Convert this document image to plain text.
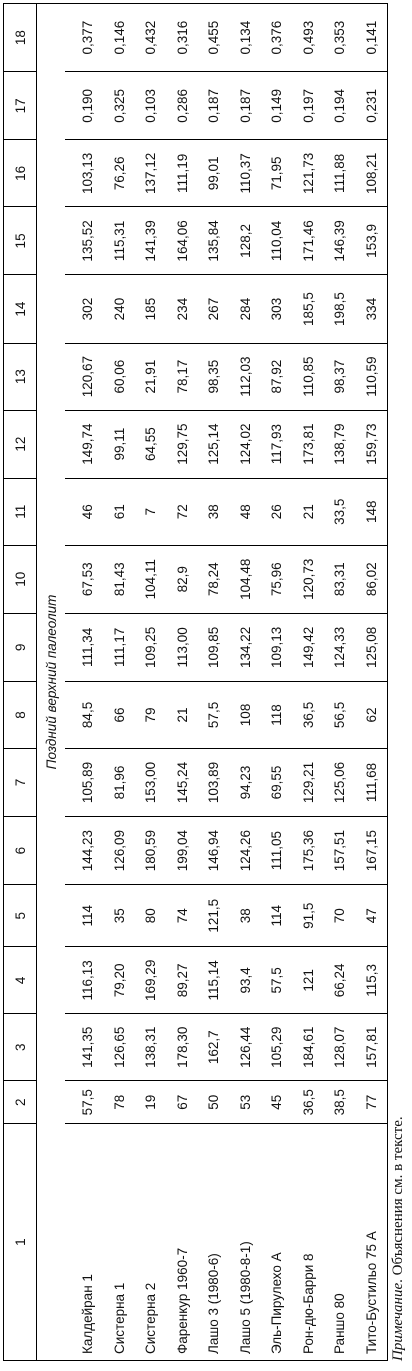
1	2	3	4	5	6	7	8	9	10	11	12	13	14	15	16	17	18
Поздний верхний палеолит																	
Калдейран 1	57,5	141,35	116,13	114	144,23	105,89	84,5	111,34	67,53	46	149,74	120,67	302	135,52	103,13	0,190	0,377
Систерна 1	78	126,65	79,20	35	126,09	81,96	66	111,17	81,43	61	99,11	60,06	240	115,31	76,26	0,325	0,146
Систерна 2	19	138,31	169,29	80	180,59	153,00	79	109,25	104,11	7	64,55	21,91	185	141,39	137,12	0,103	0,432
Фаренкур 1960-7	67	178,30	89,27	74	199,04	145,24	21	113,00	82,9	72	129,75	78,17	234	164,06	111,19	0,286	0,316
Лашо 3 (1980-6)	50	162,7	115,14	121,5	146,94	103,89	57,5	109,85	78,24	38	125,14	98,35	267	135,84	99,01	0,187	0,455
Лашо 5 (1980-8-1)	53	126,44	93,4	38	124,26	94,23	108	134,22	104,48	48	124,02	112,03	284	128,2	110,37	0,187	0,134
Эль-Пирулехо А	45	105,29	57,5	114	111,05	69,55	118	109,13	75,96	26	117,93	87,92	303	110,04	71,95	0,149	0,376
Рон-дю-Барри 8	36,5	184,61	121	91,5	175,36	129,21	36,5	149,42	120,73	21	173,81	110,85	185,5	171,46	121,73	0,197	0,493
Раншо 80	38,5	128,07	66,24	70	157,51	125,06	56,5	124,33	83,31	33,5	138,79	98,37	198,5	146,39	111,88	0,194	0,353
Тито-Бустильо 75 А	77	157,81	115,3	47	167,15	111,68	62	125,08	86,02	148	159,73	110,59	334	153,9	108,21	0,231	0,141
Примечание. Объяснения см. в тексте.
